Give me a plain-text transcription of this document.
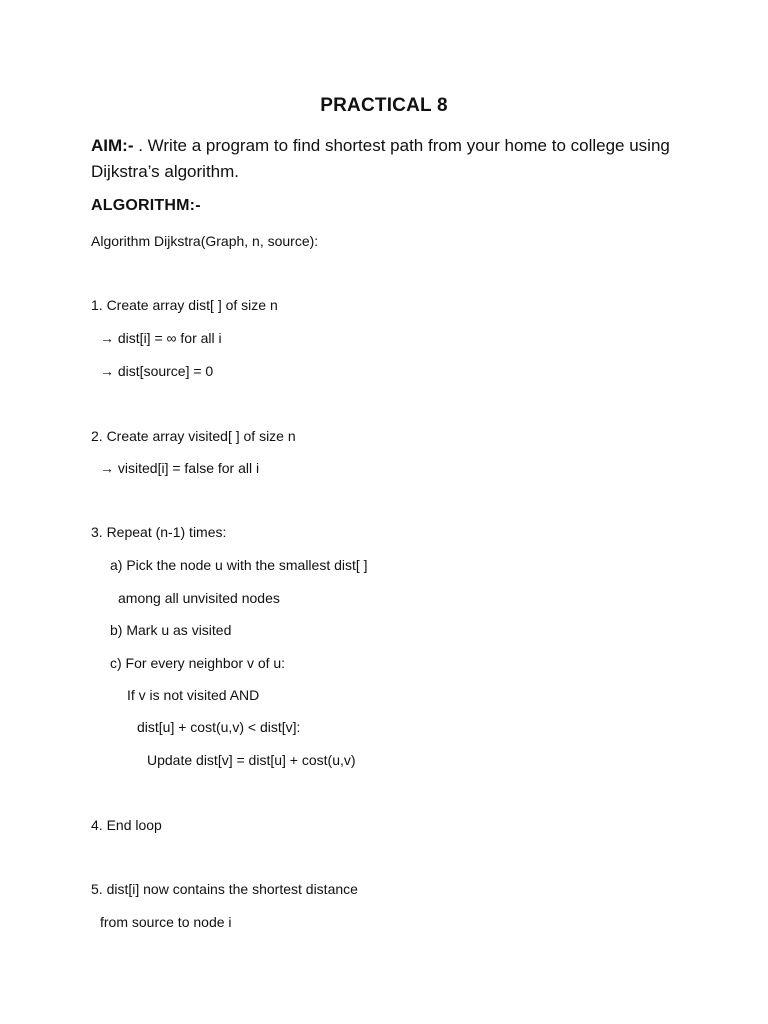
PRACTICAL 8
AIM:- . Write a program to find shortest path from your home to college using Dijkstra’s algorithm.
ALGORITHM:-
Algorithm Dijkstra(Graph, n, source):
1. Create array dist[ ] of size n
→ dist[i] = ∞ for all i
→ dist[source] = 0
2. Create array visited[ ] of size n
→ visited[i] = false for all i
3. Repeat (n-1) times:
a) Pick the node u with the smallest dist[ ]
among all unvisited nodes
b) Mark u as visited
c) For every neighbor v of u:
If v is not visited AND
dist[u] + cost(u,v) < dist[v]:
Update dist[v] = dist[u] + cost(u,v)
4. End loop
5. dist[i] now contains the shortest distance
from source to node i
